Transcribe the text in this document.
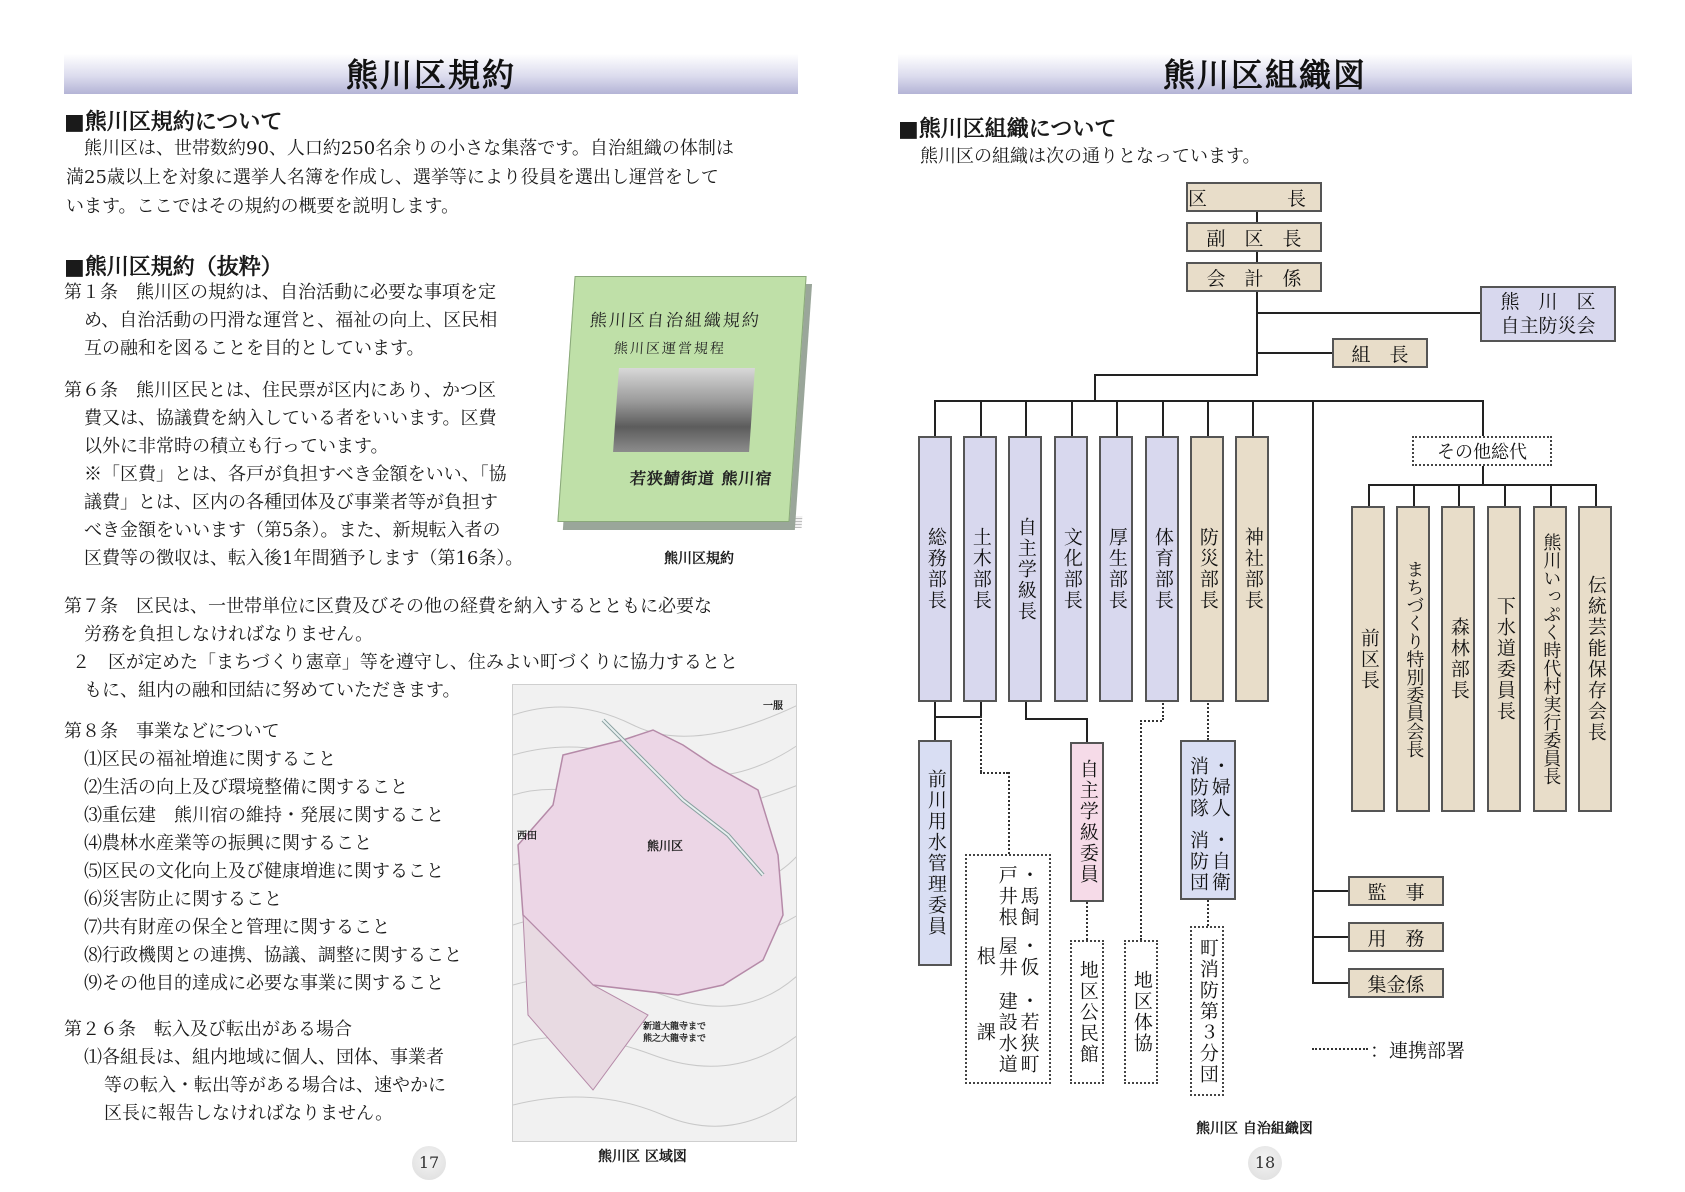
熊川区規約
■熊川区規約について
熊川区は、世帯数約90、人口約250名余りの小さな集落です。自治組織の体制は
満25歳以上を対象に選挙人名簿を作成し、選挙等により役員を選出し運営をして
います。ここではその規約の概要を説明します。
■熊川区規約（抜粋）
第１条　熊川区の規約は、自治活動に必要な事項を定
め、自治活動の円滑な運営と、福祉の向上、区民相
互の融和を図ることを目的としています。
第６条　熊川区民とは、住民票が区内にあり、かつ区
費又は、協議費を納入している者をいいます。区費
以外に非常時の積立も行っています。
※「区費」とは、各戸が負担すべき金額をいい、「協
議費」とは、区内の各種団体及び事業者等が負担す
べき金額をいいます（第5条）。また、新規転入者の
区費等の徴収は、転入後1年間猶予します（第16条）。
熊川区自治組織規約
熊川区運営規程
若狭鯖街道 熊川宿
熊川区規約
第７条　区民は、一世帯単位に区費及びその他の経費を納入するとともに必要な
労務を負担しなければなりません。
２　区が定めた「まちづくり憲章」等を遵守し、住みよい町づくりに協力するとと
もに、組内の融和団結に努めていただきます。
熊川区
西田
一服
新道大龍寺まで
熊之大龍寺まで
熊川区 区域図
第８条　事業などについて
⑴区民の福祉増進に関すること
⑵生活の向上及び環境整備に関すること
⑶重伝建　熊川宿の維持・発展に関すること
⑷農林水産業等の振興に関すること
⑸区民の文化向上及び健康増進に関すること
⑹災害防止に関すること
⑺共有財産の保全と管理に関すること
⑻行政機関との連携、協議、調整に関すること
⑼その他目的達成に必要な事業に関すること
第２６条　転入及び転出がある場合
⑴各組長は、組内地域に個人、団体、事業者
等の転入・転出等がある場合は、速やかに
区長に報告しなければなりません。
17
熊川区組織図
■熊川区組織について
熊川区の組織は次の通りとなっています。
区　　長
副　区　長
会　計　係
熊　川　区
自主防災会
組　長
総務部長	土木部長	自主学級長	文化部長	厚生部長	体育部長	防災部長	神社部長
その他総代
前区長	まちづくり特別委員会長	森林部長	下水道委員長	熊川いっぷく時代村実行委員長	伝統芸能保存会長
前川用水管理委員
・若狭町建設水道課
・仮屋井根
・馬飼戸井根
自主学級委員
地区公民館	地区体協
・自衛消防団
・婦人消防隊
町消防第３分団
監　事
用　務
集金係
：連携部署
熊川区 自治組織図
18
